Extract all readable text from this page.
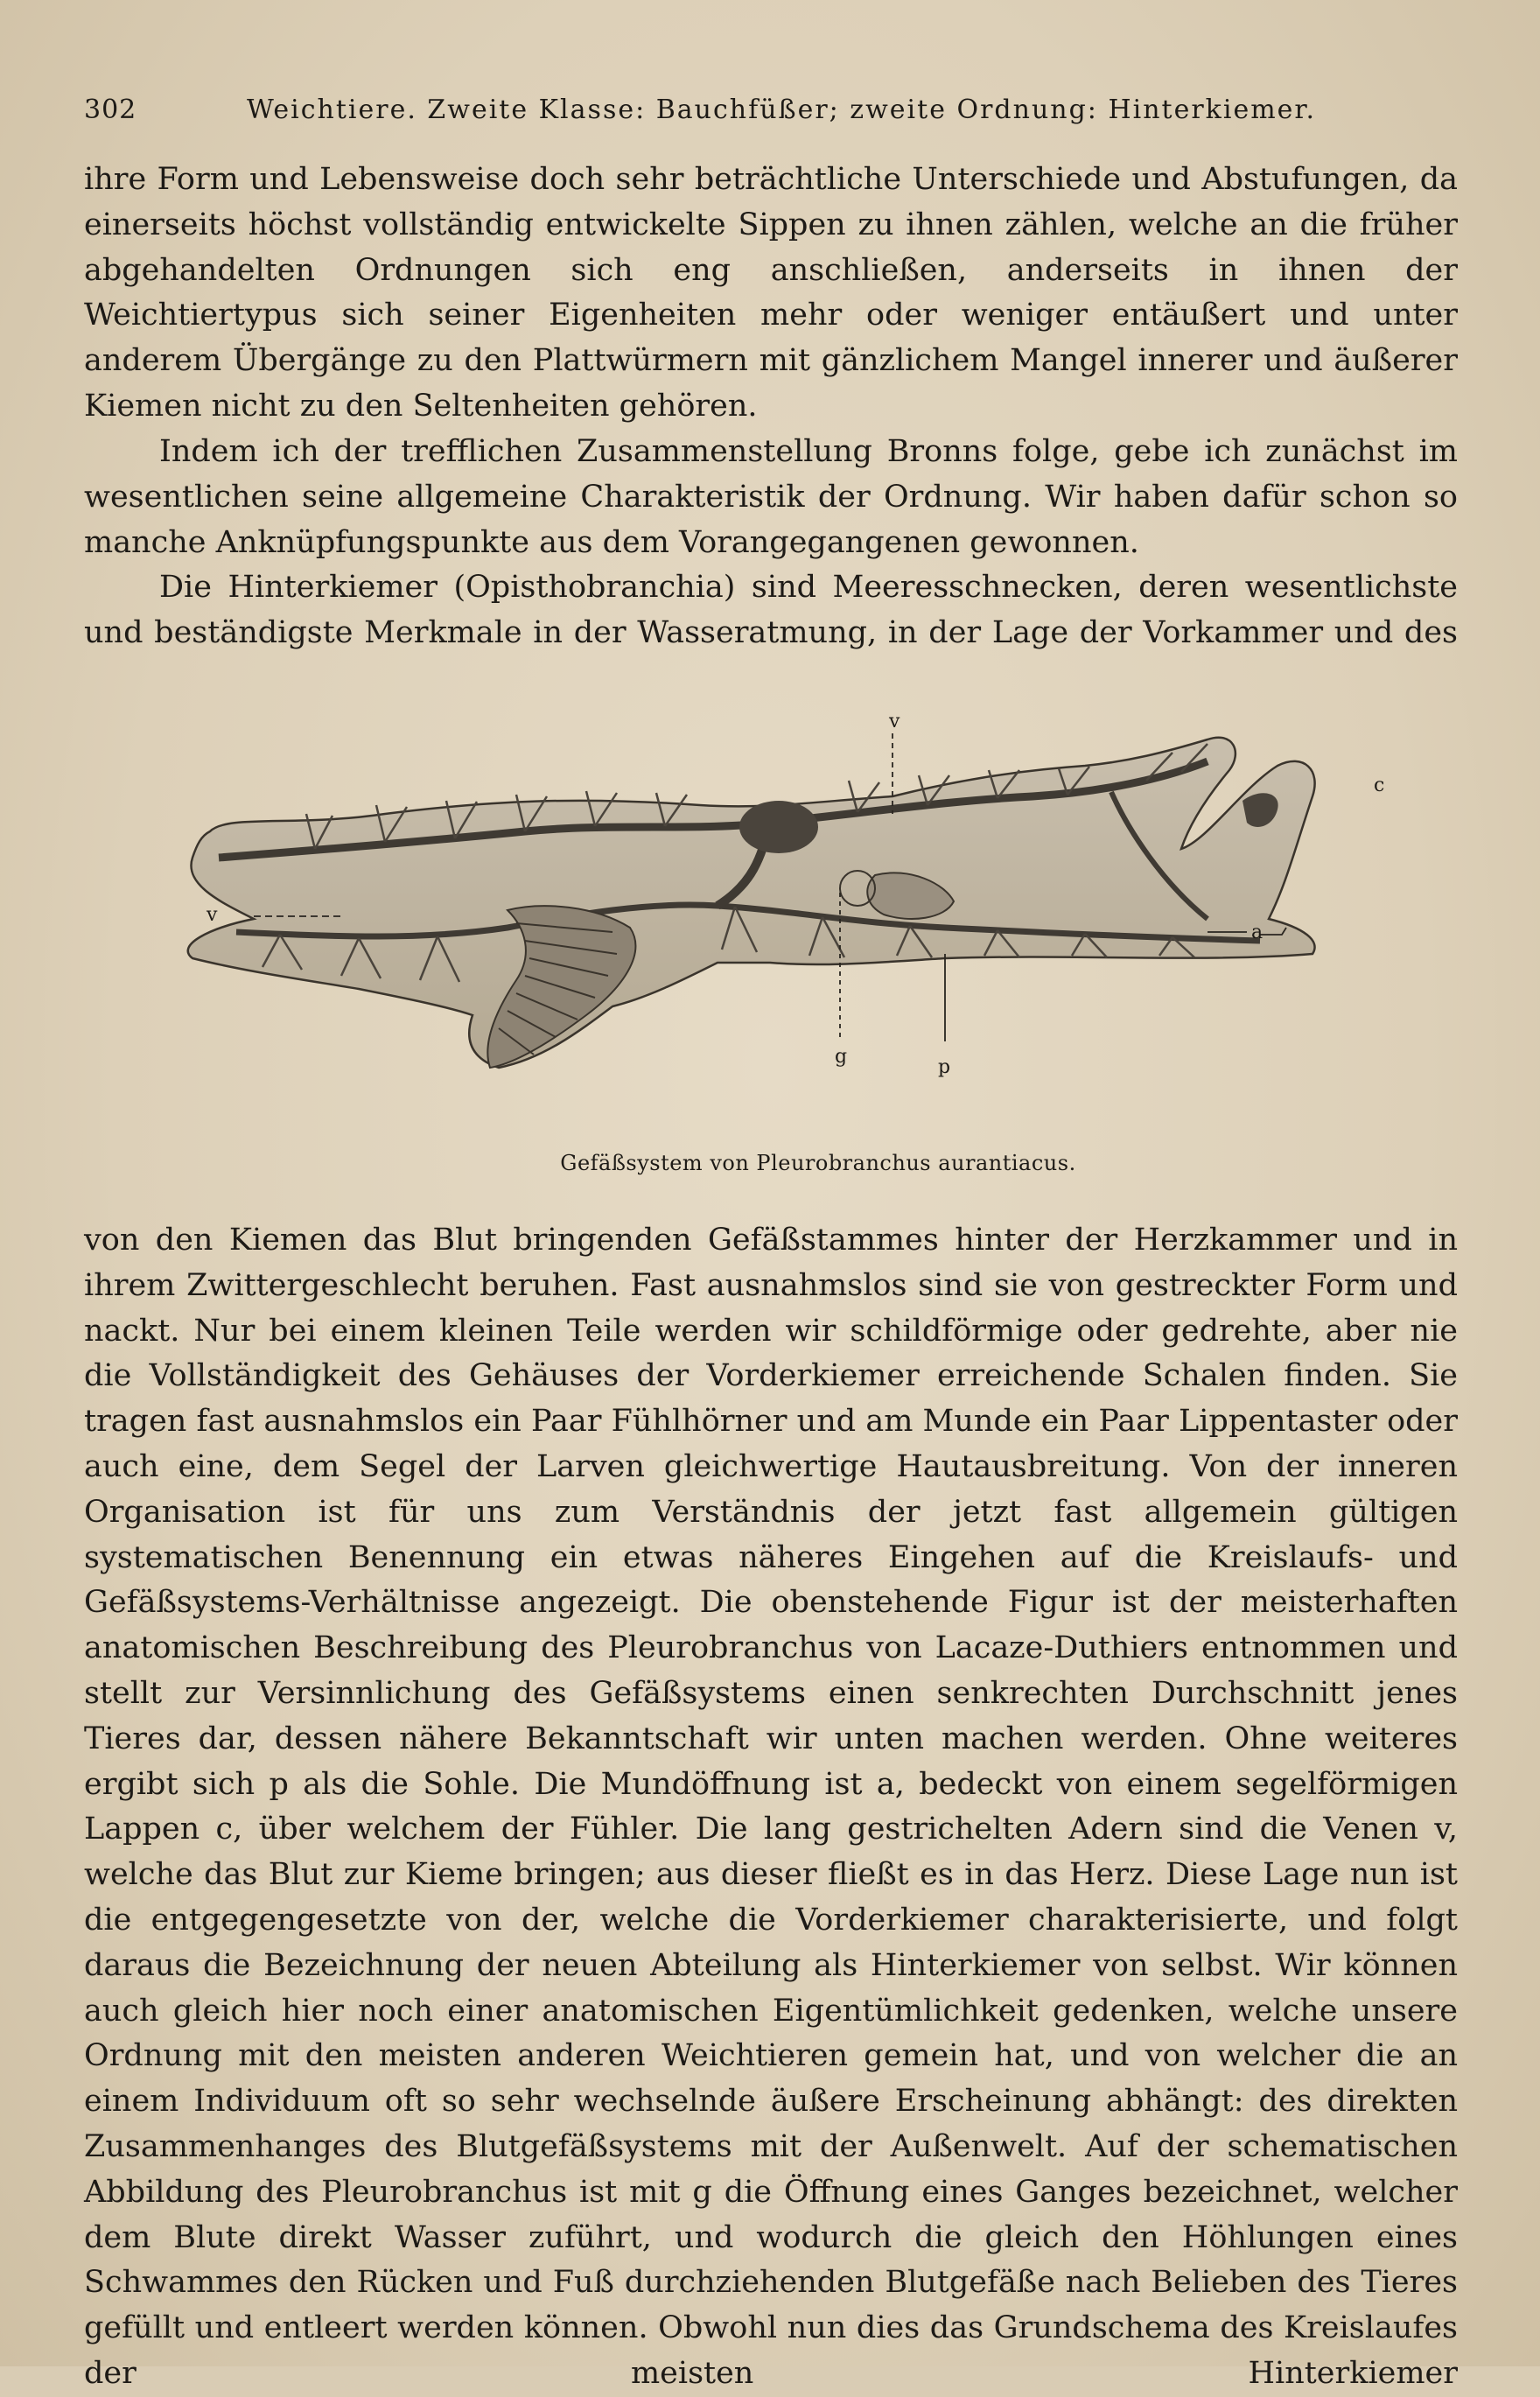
302	Weichtiere. Zweite Klasse: Bauchfüßer; zweite Ordnung: Hinterkiemer.
ihre Form und Lebensweise doch sehr beträchtliche Unterschiede und Abstufungen, da einerseits höchst vollständig entwickelte Sippen zu ihnen zählen, welche an die früher abgehandelten Ordnungen sich eng anschließen, anderseits in ihnen der Weichtiertypus sich seiner Eigenheiten mehr oder weniger entäußert und unter anderem Übergänge zu den Plattwürmern mit gänzlichem Mangel innerer und äußerer Kiemen nicht zu den Seltenheiten gehören.
Indem ich der trefflichen Zusammenstellung Bronns folge, gebe ich zunächst im wesentlichen seine allgemeine Charakteristik der Ordnung. Wir haben dafür schon so manche Anknüpfungspunkte aus dem Vorangegangenen gewonnen.
Die Hinterkiemer (Opisthobranchia) sind Meeresschnecken, deren wesentlichste und beständigste Merkmale in der Wasseratmung, in der Lage der Vorkammer und des
v
v
c
a
g	p
Gefäßsystem von Pleurobranchus aurantiacus.
von den Kiemen das Blut bringenden Gefäßstammes hinter der Herzkammer und in ihrem Zwittergeschlecht beruhen. Fast ausnahmslos sind sie von gestreckter Form und nackt. Nur bei einem kleinen Teile werden wir schildförmige oder gedrehte, aber nie die Vollständigkeit des Gehäuses der Vorderkiemer erreichende Schalen finden. Sie tragen fast ausnahmslos ein Paar Fühlhörner und am Munde ein Paar Lippentaster oder auch eine, dem Segel der Larven gleichwertige Hautausbreitung. Von der inneren Organisation ist für uns zum Verständnis der jetzt fast allgemein gültigen systematischen Benennung ein etwas näheres Eingehen auf die Kreislaufs- und Gefäßsystems-Verhältnisse angezeigt. Die obenstehende Figur ist der meisterhaften anatomischen Beschreibung des Pleurobranchus von Lacaze-Duthiers entnommen und stellt zur Versinnlichung des Gefäßsystems einen senkrechten Durchschnitt jenes Tieres dar, dessen nähere Bekanntschaft wir unten machen werden. Ohne weiteres ergibt sich p als die Sohle. Die Mundöffnung ist a, bedeckt von einem segelförmigen Lappen c, über welchem der Fühler. Die lang gestrichelten Adern sind die Venen v, welche das Blut zur Kieme bringen; aus dieser fließt es in das Herz. Diese Lage nun ist die entgegengesetzte von der, welche die Vorderkiemer charakterisierte, und folgt daraus die Bezeichnung der neuen Abteilung als Hinterkiemer von selbst. Wir können auch gleich hier noch einer anatomischen Eigentümlichkeit gedenken, welche unsere Ordnung mit den meisten anderen Weichtieren gemein hat, und von welcher die an einem Individuum oft so sehr wechselnde äußere Erscheinung abhängt: des direkten Zusammenhanges des Blutgefäßsystems mit der Außenwelt. Auf der schematischen Abbildung des Pleurobranchus ist mit g die Öffnung eines Ganges bezeichnet, welcher dem Blute direkt Wasser zuführt, und wodurch die gleich den Höhlungen eines Schwammes den Rücken und Fuß durchziehenden Blutgefäße nach Belieben des Tieres gefüllt und entleert werden können. Obwohl nun dies das Grundschema des Kreislaufes der meisten Hinterkiemer
